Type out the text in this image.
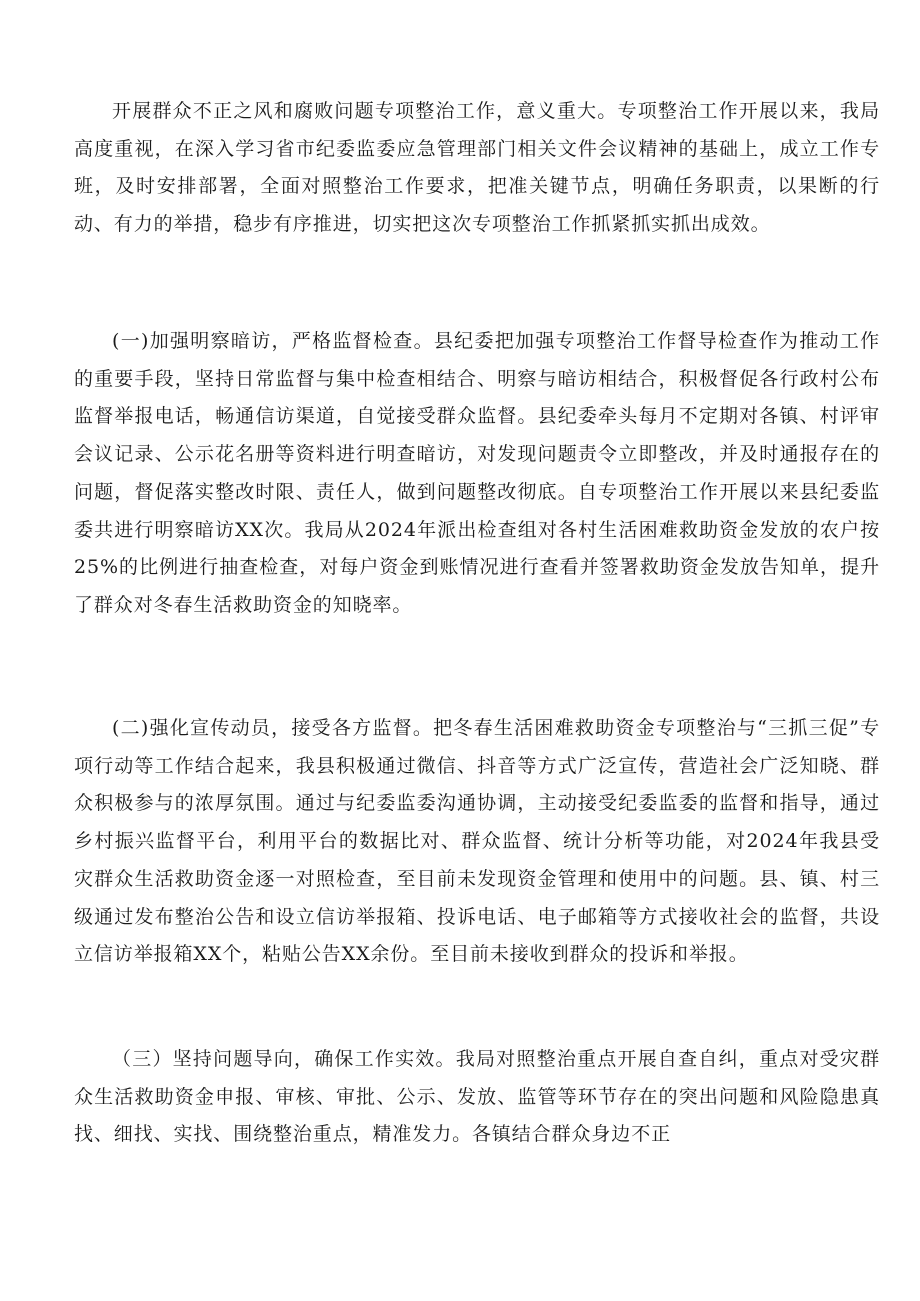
开展群众不正之风和腐败问题专项整治工作，意义重大。专项整治工作开展以来，我局高度重视，在深入学习省市纪委监委应急管理部门相关文件会议精神的基础上，成立工作专班，及时安排部署，全面对照整治工作要求，把准关键节点，明确任务职责，以果断的行动、有力的举措，稳步有序推进，切实把这次专项整治工作抓紧抓实抓出成效。

(一)加强明察暗访，严格监督检查。县纪委把加强专项整治工作督导检查作为推动工作的重要手段，坚持日常监督与集中检查相结合、明察与暗访相结合，积极督促各行政村公布监督举报电话，畅通信访渠道，自觉接受群众监督。县纪委牵头每月不定期对各镇、村评审会议记录、公示花名册等资料进行明查暗访，对发现问题责令立即整改，并及时通报存在的问题，督促落实整改时限、责任人，做到问题整改彻底。自专项整治工作开展以来县纪委监委共进行明察暗访XX次。我局从2024年派出检查组对各村生活困难救助资金发放的农户按25%的比例进行抽查检查，对每户资金到账情况进行查看并签署救助资金发放告知单，提升了群众对冬春生活救助资金的知晓率。

(二)强化宣传动员，接受各方监督。把冬春生活困难救助资金专项整治与“三抓三促”专项行动等工作结合起来，我县积极通过微信、抖音等方式广泛宣传，营造社会广泛知晓、群众积极参与的浓厚氛围。通过与纪委监委沟通协调，主动接受纪委监委的监督和指导，通过乡村振兴监督平台，利用平台的数据比对、群众监督、统计分析等功能，对2024年我县受灾群众生活救助资金逐一对照检查，至目前未发现资金管理和使用中的问题。县、镇、村三级通过发布整治公告和设立信访举报箱、投诉电话、电子邮箱等方式接收社会的监督，共设立信访举报箱XX个，粘贴公告XX余份。至目前未接收到群众的投诉和举报。

（三）坚持问题导向，确保工作实效。我局对照整治重点开展自查自纠，重点对受灾群众生活救助资金申报、审核、审批、公示、发放、监管等环节存在的突出问题和风险隐患真找、细找、实找、围绕整治重点，精准发力。各镇结合群众身边不正
